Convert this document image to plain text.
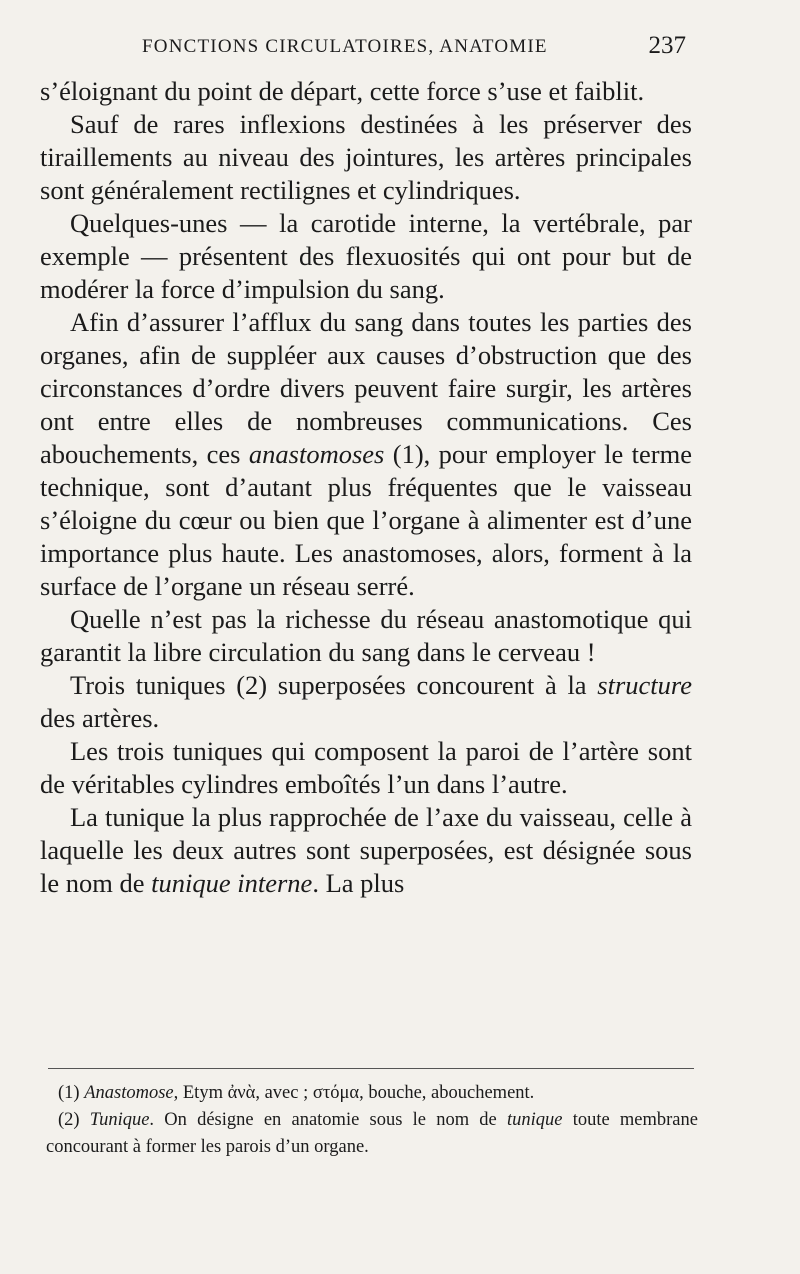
FONCTIONS CIRCULATOIRES, ANATOMIE	237

s’éloignant du point de départ, cette force s’use et faiblit.

Sauf de rares inflexions destinées à les préserver des tiraillements au niveau des jointures, les artères principales sont généralement rectilignes et cylindriques.

Quelques-unes — la carotide interne, la vertébrale, par exemple — présentent des flexuosités qui ont pour but de modérer la force d’impulsion du sang.

Afin d’assurer l’afflux du sang dans toutes les parties des organes, afin de suppléer aux causes d’obstruction que des circonstances d’ordre divers peuvent faire surgir, les artères ont entre elles de nombreuses communications. Ces abouchements, ces anastomoses (1), pour employer le terme technique, sont d’autant plus fréquentes que le vaisseau s’éloigne du cœur ou bien que l’organe à alimenter est d’une importance plus haute. Les anastomoses, alors, forment à la surface de l’organe un réseau serré.

Quelle n’est pas la richesse du réseau anastomotique qui garantit la libre circulation du sang dans le cerveau !

Trois tuniques (2) superposées concourent à la structure des artères.

Les trois tuniques qui composent la paroi de l’artère sont de véritables cylindres emboîtés l’un dans l’autre.

La tunique la plus rapprochée de l’axe du vaisseau, celle à laquelle les deux autres sont superposées, est désignée sous le nom de tunique interne. La plus

(1) Anastomose, Etym ἀνὰ, avec ; στόμα, bouche, abouchement.

(2) Tunique. On désigne en anatomie sous le nom de tunique toute membrane concourant à former les parois d’un organe.
